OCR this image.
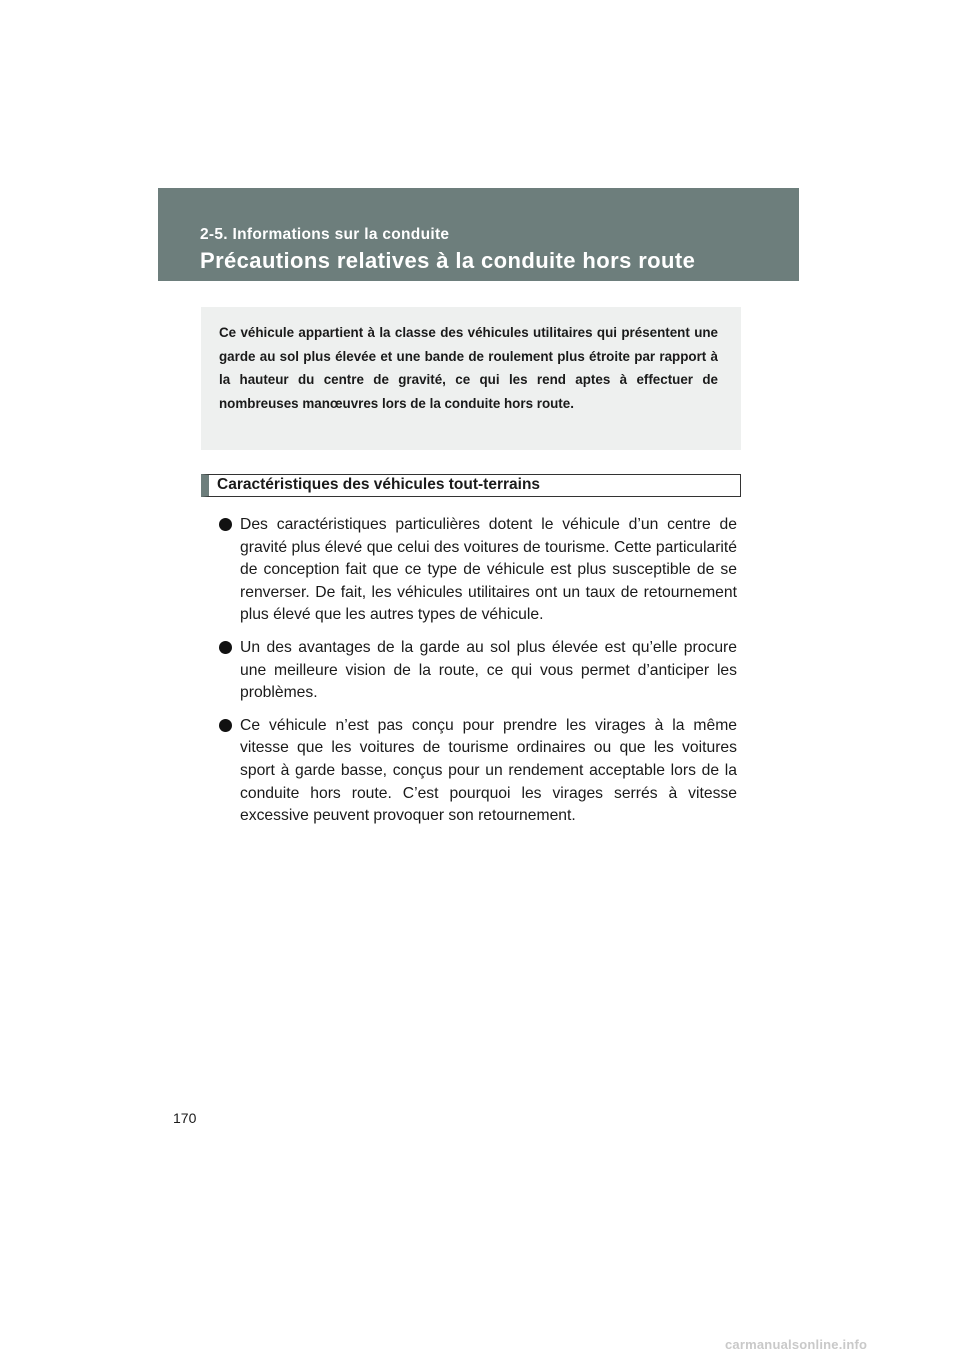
2-5. Informations sur la conduite
Précautions relatives à la conduite hors route

Ce véhicule appartient à la classe des véhicules utilitaires qui présentent une garde au sol plus élevée et une bande de roulement plus étroite par rapport à la hauteur du centre de gravité, ce qui les rend aptes à effectuer de nombreuses manœuvres lors de la conduite hors route.

Caractéristiques des véhicules tout-terrains

Des caractéristiques particulières dotent le véhicule d’un centre de gravité plus élevé que celui des voitures de tourisme. Cette particularité de conception fait que ce type de véhicule est plus susceptible de se renverser. De fait, les véhicules utilitaires ont un taux de retournement plus élevé que les autres types de véhicule.

Un des avantages de la garde au sol plus élevée est qu’elle procure une meilleure vision de la route, ce qui vous permet d’anticiper les problèmes.

Ce véhicule n’est pas conçu pour prendre les virages à la même vitesse que les voitures de tourisme ordinaires ou que les voitures sport à garde basse, conçus pour un rendement acceptable lors de la conduite hors route. C’est pourquoi les virages serrés à vitesse excessive peuvent provoquer son retournement.

170
carmanualsonline.info
